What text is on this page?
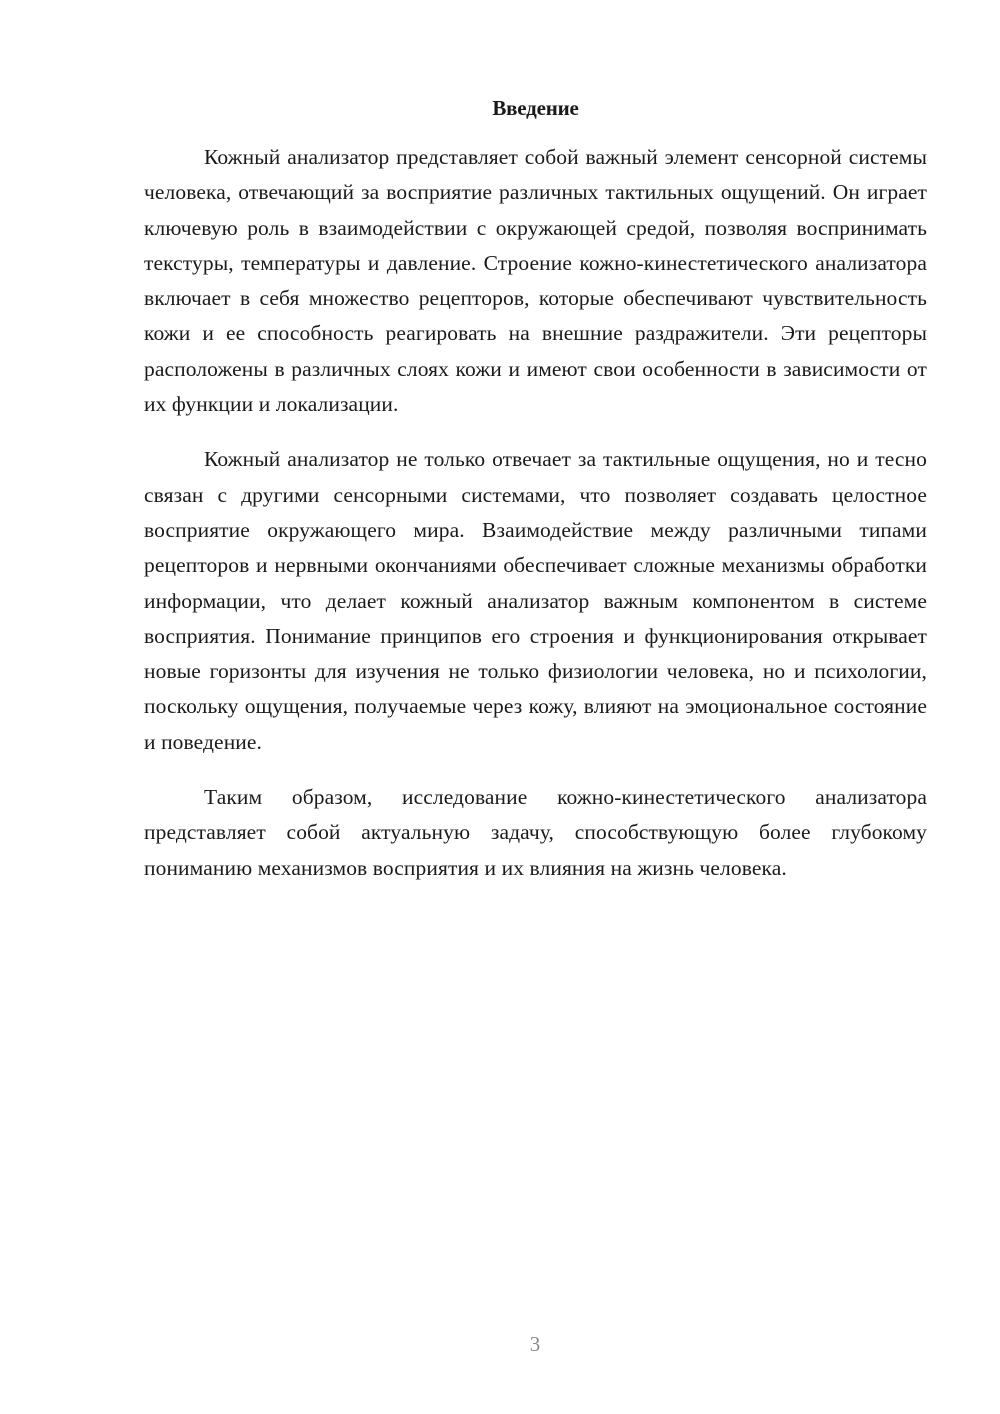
Введение

Кожный анализатор представляет собой важный элемент сенсорной системы человека, отвечающий за восприятие различных тактильных ощущений. Он играет ключевую роль в взаимодействии с окружающей средой, позволяя воспринимать текстуры, температуры и давление. Строение кожно-кинестетического анализатора включает в себя множество рецепторов, которые обеспечивают чувствительность кожи и ее способность реагировать на внешние раздражители. Эти рецепторы расположены в различных слоях кожи и имеют свои особенности в зависимости от их функции и локализации.

Кожный анализатор не только отвечает за тактильные ощущения, но и тесно связан с другими сенсорными системами, что позволяет создавать целостное восприятие окружающего мира. Взаимодействие между различными типами рецепторов и нервными окончаниями обеспечивает сложные механизмы обработки информации, что делает кожный анализатор важным компонентом в системе восприятия. Понимание принципов его строения и функционирования открывает новые горизонты для изучения не только физиологии человека, но и психологии, поскольку ощущения, получаемые через кожу, влияют на эмоциональное состояние и поведение.

Таким образом, исследование кожно-кинестетического анализатора представляет собой актуальную задачу, способствующую более глубокому пониманию механизмов восприятия и их влияния на жизнь человека.

3
